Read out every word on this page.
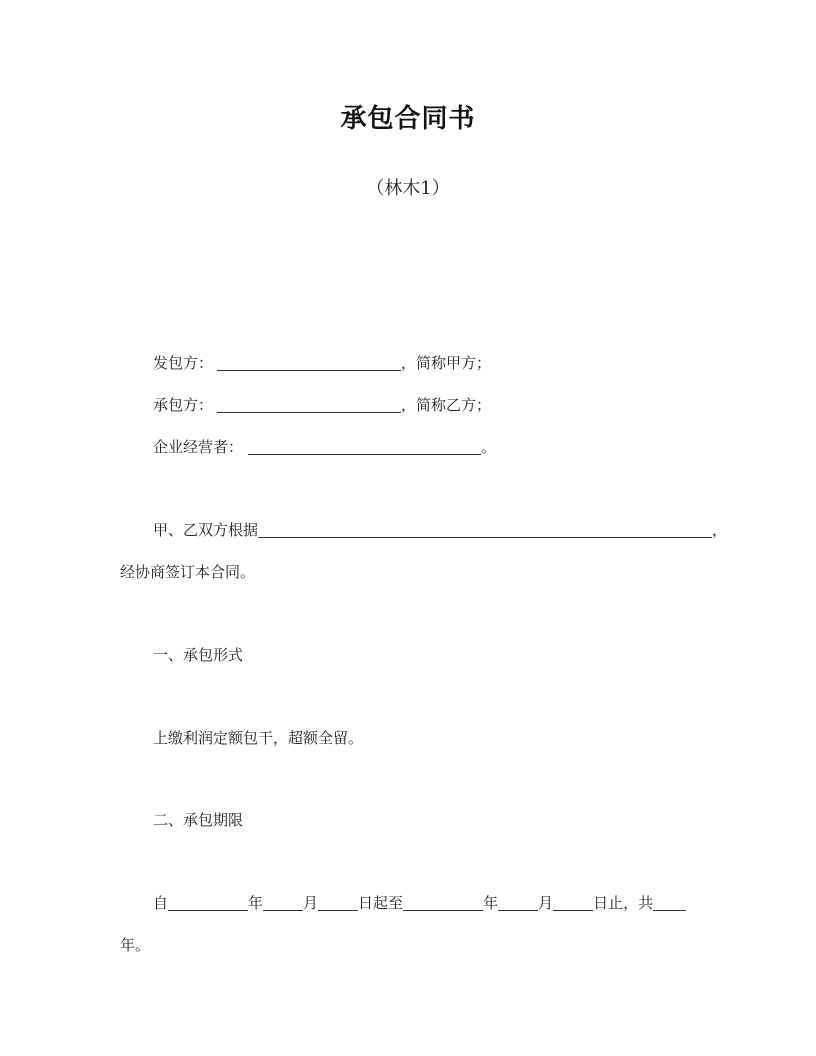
承包合同书
（林木1）
发包方：	，简称甲方；
承包方：	，简称乙方；
企业经营者：	。
甲、乙双方根据	，
经协商签订本合同。
一、承包形式
上缴利润定额包干，超额全留。
二、承包期限
自	年	月	日起至	年	月	日止，共
年。
